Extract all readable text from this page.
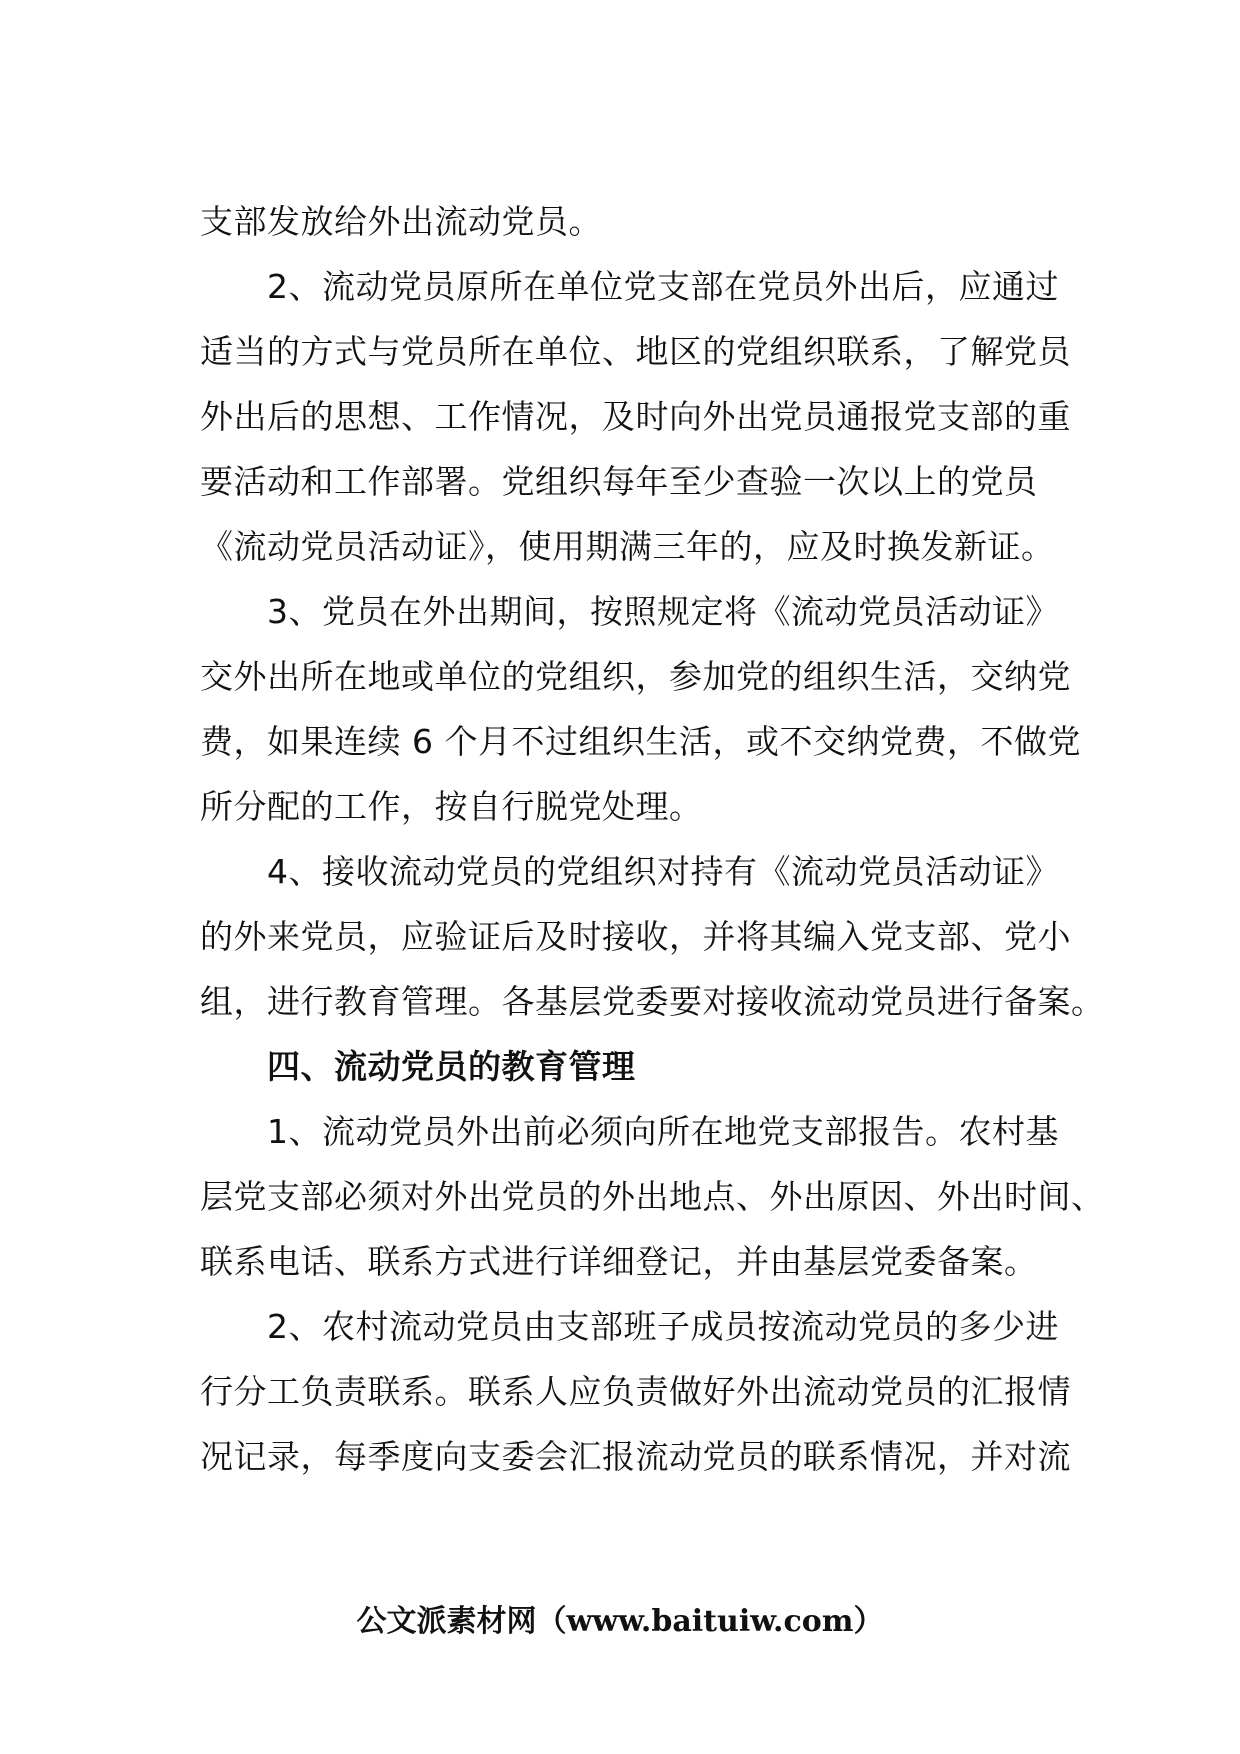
支部发放给外出流动党员。
2、流动党员原所在单位党支部在党员外出后，应通过
适当的方式与党员所在单位、地区的党组织联系，了解党员
外出后的思想、工作情况，及时向外出党员通报党支部的重
要活动和工作部署。党组织每年至少查验一次以上的党员
《流动党员活动证》，使用期满三年的，应及时换发新证。
3、党员在外出期间，按照规定将《流动党员活动证》
交外出所在地或单位的党组织，参加党的组织生活，交纳党
费，如果连续 6 个月不过组织生活，或不交纳党费，不做党
所分配的工作，按自行脱党处理。
4、接收流动党员的党组织对持有《流动党员活动证》
的外来党员，应验证后及时接收，并将其编入党支部、党小
组，进行教育管理。各基层党委要对接收流动党员进行备案。
四、流动党员的教育管理
1、流动党员外出前必须向所在地党支部报告。农村基
层党支部必须对外出党员的外出地点、外出原因、外出时间、
联系电话、联系方式进行详细登记，并由基层党委备案。
2、农村流动党员由支部班子成员按流动党员的多少进
行分工负责联系。联系人应负责做好外出流动党员的汇报情
况记录，每季度向支委会汇报流动党员的联系情况，并对流
公文派素材网（www.baituiw.com）
